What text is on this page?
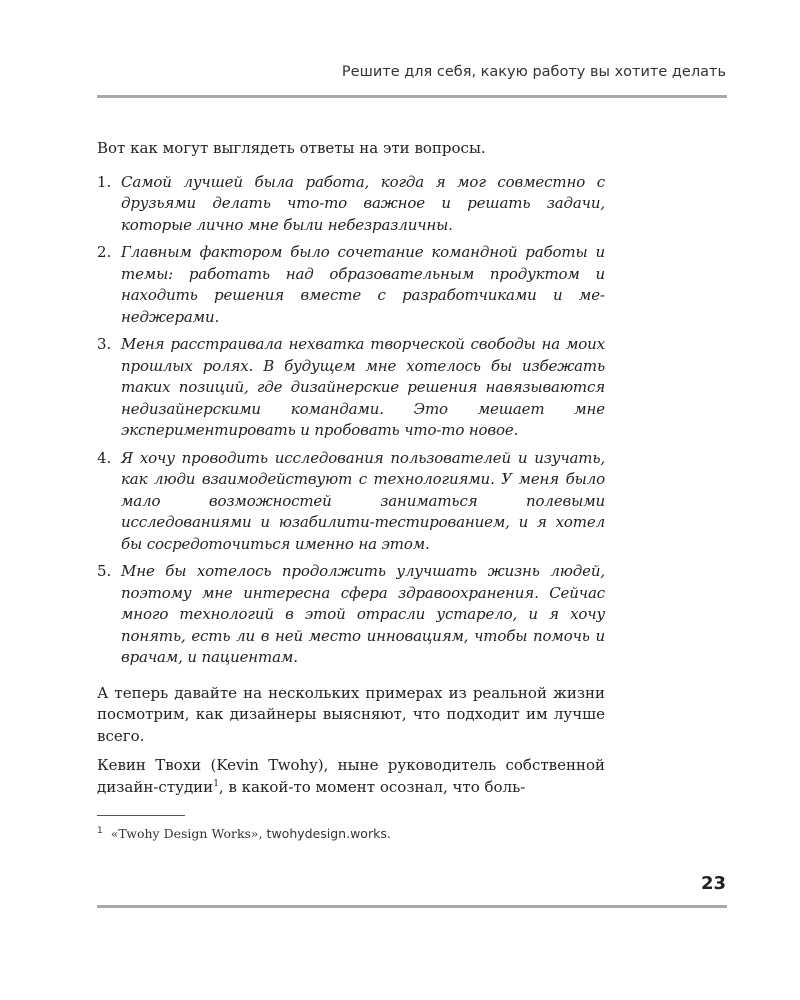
Решите для себя, какую работу вы хотите делать

Вот как могут выглядеть ответы на эти вопросы.

1. Самой лучшей была работа, когда я мог совместно с друзьями делать что-то важное и решать задачи, которые лично мне были небезразличны.
2. Главным фактором было сочетание командной работы и темы: работать над образовательным продуктом и находить решения вместе с разработчиками и менеджерами.
3. Меня расстраивала нехватка творческой свободы на моих прошлых ролях. В будущем мне хотелось бы избежать таких позиций, где дизайнерские решения навязываются недизайнерскими командами. Это мешает мне экспериментировать и пробовать что-то новое.
4. Я хочу проводить исследования пользователей и изучать, как люди взаимодействуют с технологиями. У меня было мало возможностей заниматься полевыми исследованиями и юзабилити-тестированием, и я хотел бы сосредоточиться именно на этом.
5. Мне бы хотелось продолжить улучшать жизнь людей, поэтому мне интересна сфера здравоохранения. Сейчас много технологий в этой отрасли устарело, и я хочу понять, есть ли в ней место инновациям, чтобы помочь и врачам, и пациентам.

А теперь давайте на нескольких примерах из реальной жизни посмотрим, как дизайнеры выясняют, что подходит им лучше всего.

Кевин Твохи (Kevin Twohy), ныне руководитель собственной дизайн-студии$^1$, в какой-то момент осознал, что боль-

$^1$ «Twohy Design Works», twohydesign.works.
23
